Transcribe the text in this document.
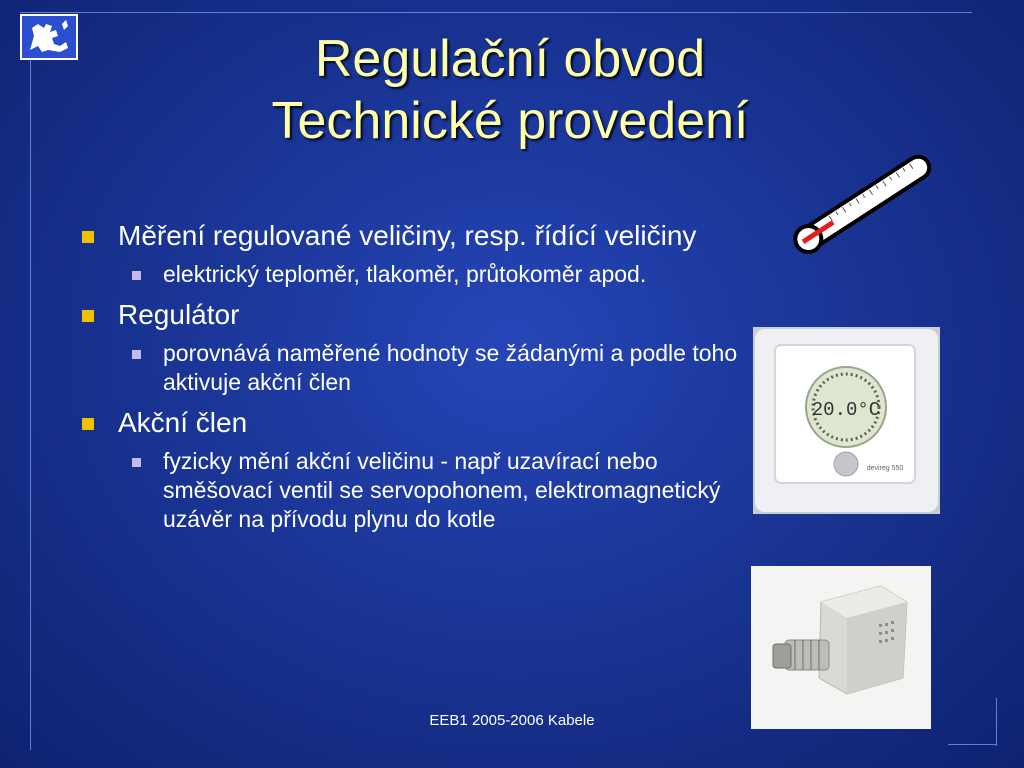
Regulační obvod
Technické provedení
Měření regulované veličiny, resp. řídící veličiny
elektrický teploměr, tlakoměr, průtokoměr apod.
Regulátor
porovnává naměřené hodnoty se žádanými a podle toho aktivuje akční člen
Akční člen
fyzicky mění akční veličinu - např uzavírací nebo směšovací ventil se servopohonem, elektromagnetický uzávěr na přívodu plynu do kotle
20.0°C
devireg 550
EEB1 2005-2006 Kabele
